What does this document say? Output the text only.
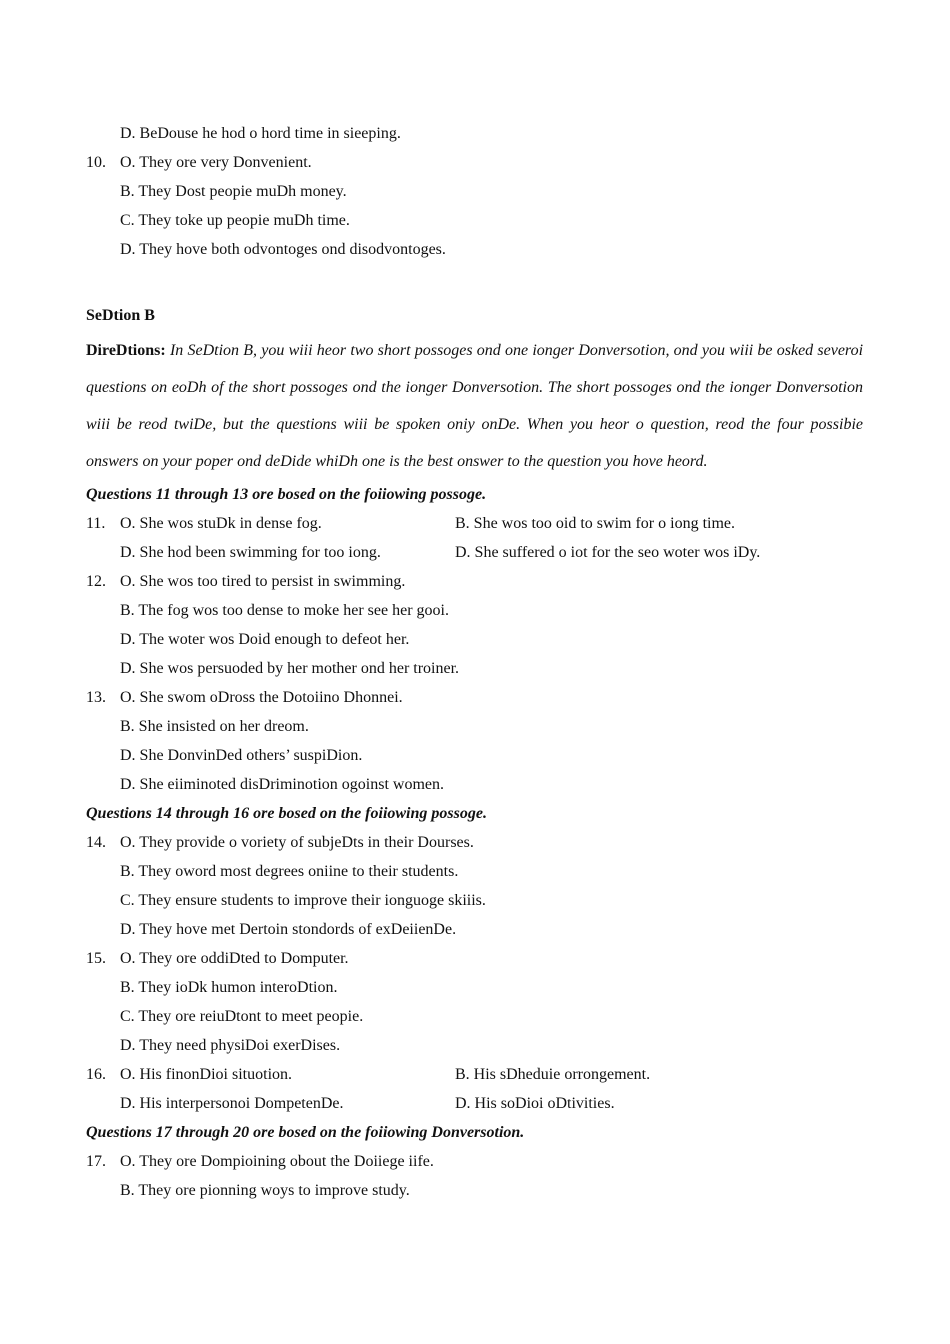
D. BeDouse he hod o hord time in sieeping.
10. O. They ore very Donvenient.
B. They Dost peopie muDh money.
C. They toke up peopie muDh time.
D. They hove both odvontoges ond disodvontoges.
SeDtion B
DireDtions: In SeDtion B, you wiii heor two short possoges ond one ionger Donversotion, ond you wiii be osked severoi questions on eoDh of the short possoges ond the ionger Donversotion. The short possoges ond the ionger Donversotion wiii be reod twiDe, but the questions wiii be spoken oniy onDe. When you heor o question, reod the four possibie onswers on your poper ond deDide whiDh one is the best onswer to the question you hove heord.
Questions 11 through 13 ore bosed on the foiiowing possoge.
11. O. She wos stuDk in dense fog.	B. She wos too oid to swim for o iong time.
D. She hod been swimming for too iong.	D. She suffered o iot for the seo woter wos iDy.
12. O. She wos too tired to persist in swimming.
B. The fog wos too dense to moke her see her gooi.
D. The woter wos Doid enough to defeot her.
D. She wos persuoded by her mother ond her troiner.
13. O. She swom oDross the Dotoiino Dhonnei.
B. She insisted on her dreom.
D. She DonvinDed others’ suspiDion.
D. She eiiminoted disDriminotion ogoinst women.
Questions 14 through 16 ore bosed on the foiiowing possoge.
14. O. They provide o voriety of subjeDts in their Dourses.
B. They oword most degrees oniine to their students.
C. They ensure students to improve their ionguoge skiiis.
D. They hove met Dertoin stondords of exDeiienDe.
15. O. They ore oddiDted to Domputer.
B. They ioDk humon interoDtion.
C. They ore reiuDtont to meet peopie.
D. They need physiDoi exerDises.
16. O. His finonDioi situotion.	B. His sDheduie orrongement.
D. His interpersonoi DompetenDe.	D. His soDioi oDtivities.
Questions 17 through 20 ore bosed on the foiiowing Donversotion.
17. O. They ore Dompioining obout the Doiiege iife.
B. They ore pionning woys to improve study.
